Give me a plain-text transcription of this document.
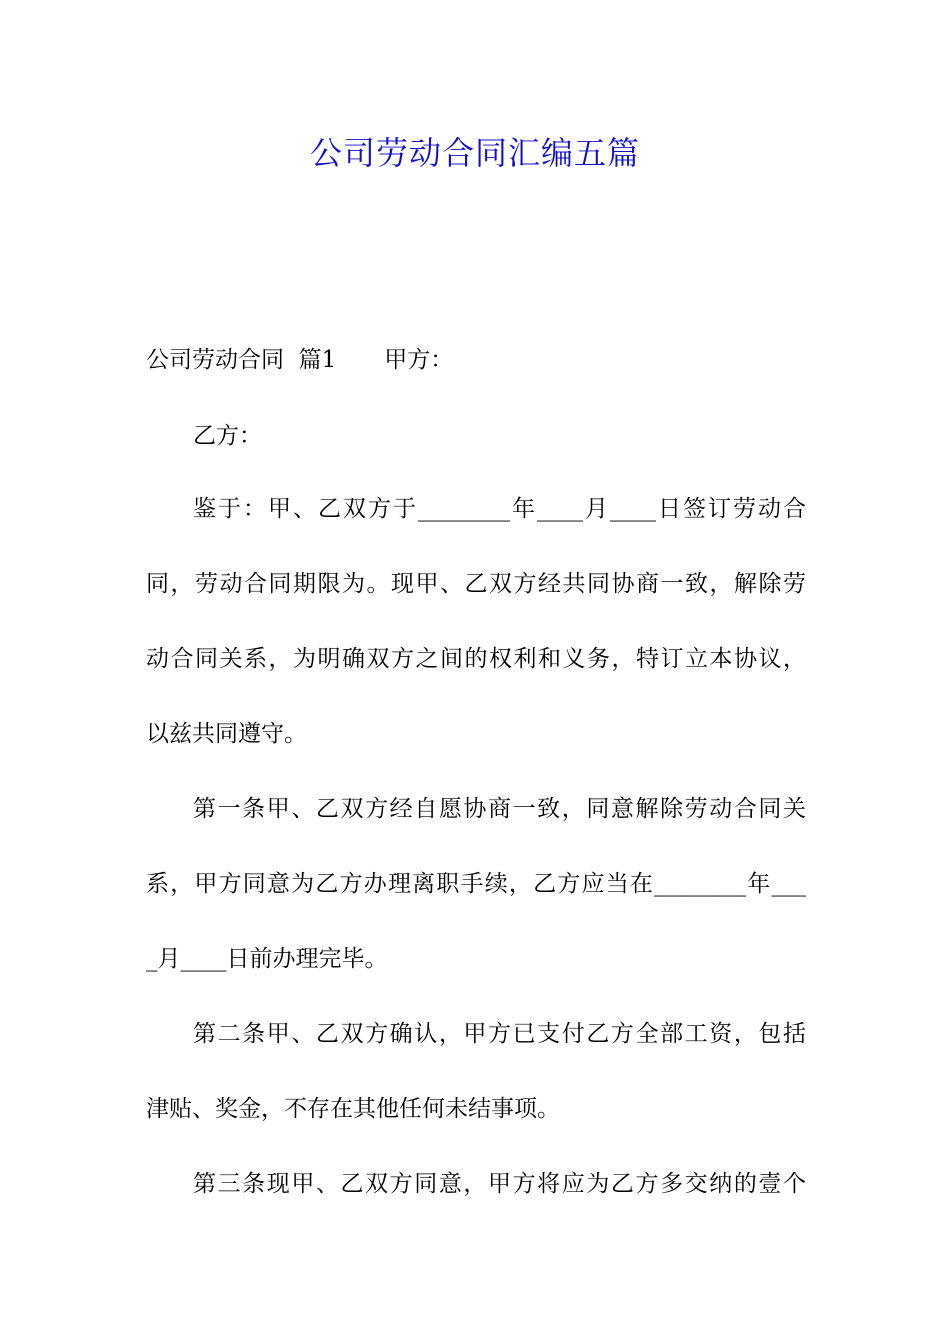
公司劳动合同汇编五篇
公司劳动合同  篇1 甲方：
乙方：
鉴于：甲、乙双方于________年____月____日签订劳动合
同，劳动合同期限为。现甲、乙双方经共同协商一致，解除劳
动合同关系，为明确双方之间的权利和义务，特订立本协议，
以兹共同遵守。
第一条甲、乙双方经自愿协商一致，同意解除劳动合同关
系，甲方同意为乙方办理离职手续，乙方应当在________年___
_月____日前办理完毕。
第二条甲、乙双方确认，甲方已支付乙方全部工资，包括
津贴、奖金，不存在其他任何未结事项。
第三条现甲、乙双方同意，甲方将应为乙方多交纳的壹个
